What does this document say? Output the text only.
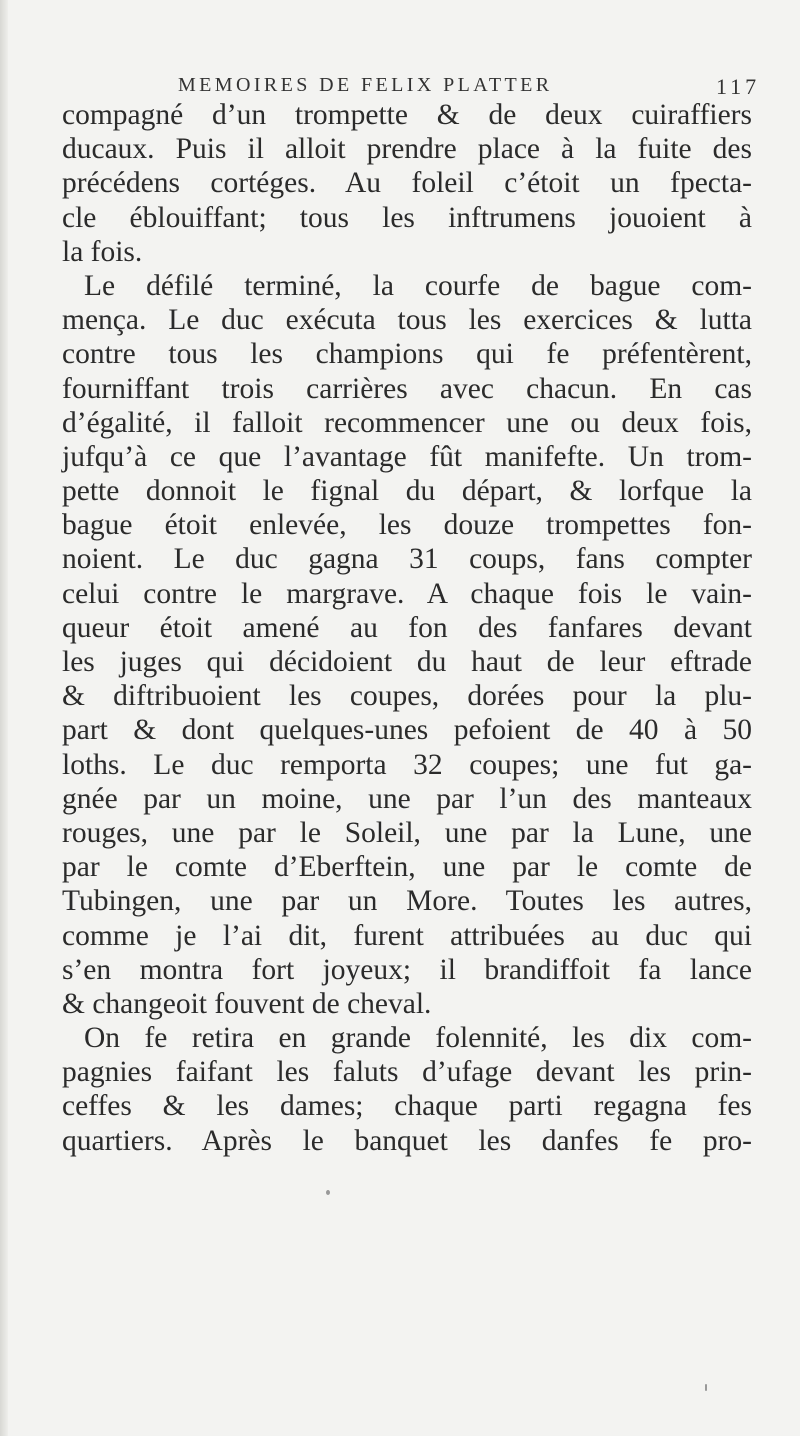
MEMOIRES DE FELIX PLATTER	117
compagné d’un trompette & de deux cuiraffiers
ducaux. Puis il alloit prendre place à la fuite des
précédens cortéges. Au foleil c’étoit un fpecta-
cle éblouiffant; tous les inftrumens jouoient à
la fois.
Le défilé terminé, la courfe de bague com-
mença. Le duc exécuta tous les exercices & lutta
contre tous les champions qui fe préfentèrent,
fourniffant trois carrières avec chacun. En cas
d’égalité, il falloit recommencer une ou deux fois,
jufqu’à ce que l’avantage fût manifefte. Un trom-
pette donnoit le fignal du départ, & lorfque la
bague étoit enlevée, les douze trompettes fon-
noient. Le duc gagna 31 coups, fans compter
celui contre le margrave. A chaque fois le vain-
queur étoit amené au fon des fanfares devant
les juges qui décidoient du haut de leur eftrade
& diftribuoient les coupes, dorées pour la plu-
part & dont quelques-unes pefoient de 40 à 50
loths. Le duc remporta 32 coupes; une fut ga-
gnée par un moine, une par l’un des manteaux
rouges, une par le Soleil, une par la Lune, une
par le comte d’Eberftein, une par le comte de
Tubingen, une par un More. Toutes les autres,
comme je l’ai dit, furent attribuées au duc qui
s’en montra fort joyeux; il brandiffoit fa lance
& changeoit fouvent de cheval.
On fe retira en grande folennité, les dix com-
pagnies faifant les faluts d’ufage devant les prin-
ceffes & les dames; chaque parti regagna fes
quartiers. Après le banquet les danfes fe pro-
